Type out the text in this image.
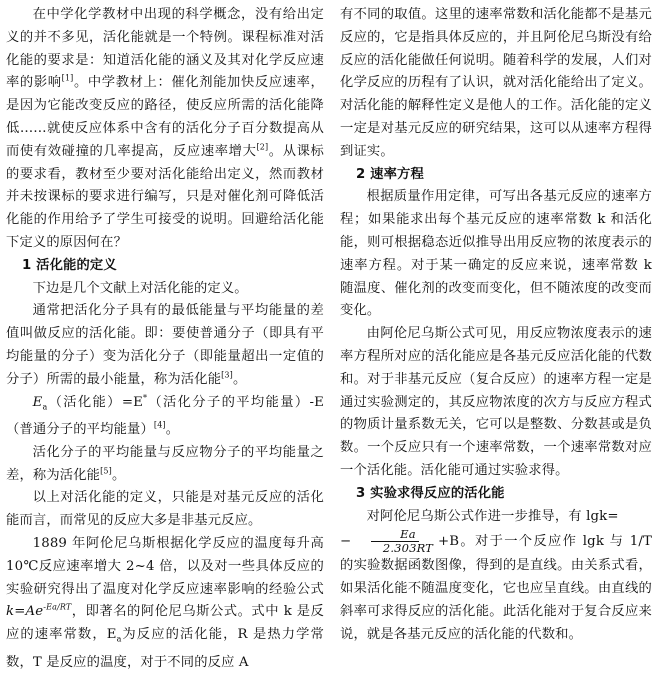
在中学化学教材中出现的科学概念，没有给出定义的并不多见，活化能就是一个特例。课程标准对活化能的要求是：知道活化能的涵义及其对化学反应速率的影响[1]。中学教材上：催化剂能加快反应速率，是因为它能改变反应的路径，使反应所需的活化能降低……就使反应体系中含有的活化分子百分数提高从而使有效碰撞的几率提高，反应速率增大[2]。从课标的要求看，教材至少要对活化能给出定义，然而教材并未按课标的要求进行编写，只是对催化剂可降低活化能的作用给予了学生可接受的说明。回避给活化能下定义的原因何在？

1 活化能的定义

下边是几个文献上对活化能的定义。

通常把活化分子具有的最低能量与平均能量的差值叫做反应的活化能。即：要使普通分子（即具有平均能量的分子）变为活化分子（即能量超出一定值的分子）所需的最小能量，称为活化能[3]。

$E_a$（活化能）=E*（活化分子的平均能量）-E（普通分子的平均能量）[4]。

活化分子的平均能量与反应物分子的平均能量之差，称为活化能[5]。

以上对活化能的定义，只能是对基元反应的活化能而言，而常见的反应大多是非基元反应。

1889 年阿伦尼乌斯根据化学反应的温度每升高 10℃反应速率增大 2~4 倍，以及对一些具体反应的实验研究得出了温度对化学反应速率影响的经验公式 $k=Ae^{-Ea/RT}$，即著名的阿伦尼乌斯公式。式中 k 是反应的速率常数，$E_a$为反应的活化能，R 是热力学常数，T 是反应的温度，对于不同的反应 A

有不同的取值。这里的速率常数和活化能都不是基元反应的，它是指具体反应的，并且阿伦尼乌斯没有给反应的活化能做任何说明。随着科学的发展，人们对化学反应的历程有了认识，就对活化能给出了定义。对活化能的解释性定义是他人的工作。活化能的定义一定是对基元反应的研究结果，这可以从速率方程得到证实。

2 速率方程

根据质量作用定律，可写出各基元反应的速率方程；如果能求出每个基元反应的速率常数 k 和活化能，则可根据稳态近似推导出用反应物的浓度表示的速率方程。对于某一确定的反应来说，速率常数 k 随温度、催化剂的改变而变化，但不随浓度的改变而变化。

由阿伦尼乌斯公式可见，用反应物浓度表示的速率方程所对应的活化能应是各基元反应活化能的代数和。对于非基元反应（复合反应）的速率方程一定是通过实验测定的，其反应物浓度的次方与反应方程式的物质计量系数无关，它可以是整数、分数甚或是负数。一个反应只有一个速率常数，一个速率常数对应一个活化能。活化能可通过实验求得。

3 实验求得反应的活化能

对阿伦尼乌斯公式作进一步推导，有 lgk=
− $\frac{Ea}{2.303RT} +B$。对于一个反应作 lgk 与 1/T 的实验数据函数图像，得到的是直线。由关系式看，如果活化能不随温度变化，它也应呈直线。由直线的斜率可求得反应的活化能。此活化能对于复合反应来说，就是各基元反应的活化能的代数和。
